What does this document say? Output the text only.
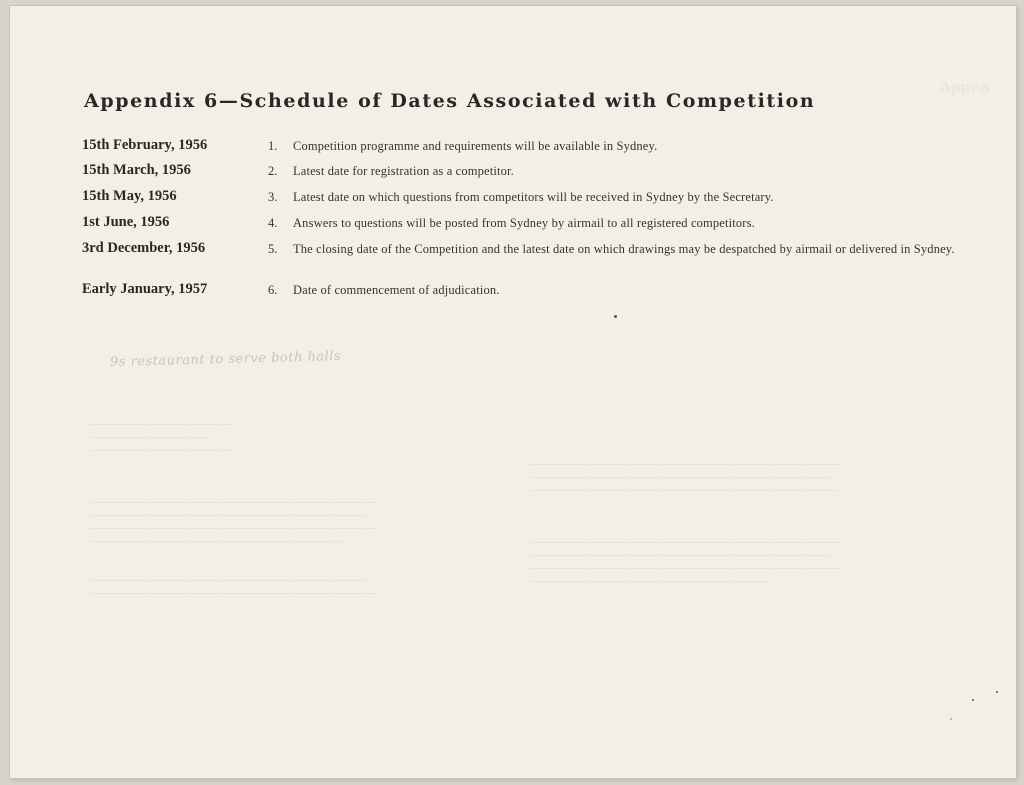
Appen

────────────────────────────────────────────────────
──────────────────────────────────────────────────
───────────────────────────────────────────────────

────────────────────────────────────────────────────
──────────────────────────────────────────────────
────────────────────────────────────────────────────
────────────────────────────────────────

────────────────────────
────────────────────
────────────────────────

────────────────────────────────────────────────
──────────────────────────────────────────────
────────────────────────────────────────────────
──────────────────────────────────────────

──────────────────────────────────────────────
────────────────────────────────────────────────
Appendix 6—Schedule of Dates Associated with Competition
15th February, 1956	1.	Competition programme and requirements will be available in Sydney.
15th March, 1956	2.	Latest date for registration as a competitor.
15th May, 1956	3.	Latest date on which questions from competitors will be received in Sydney by the Secretary.
1st June, 1956	4.	Answers to questions will be posted from Sydney by airmail to all registered competitors.
3rd December, 1956	5.	The closing date of the Competition and the latest date on which drawings may be despatched by airmail or delivered in Sydney.
Early January, 1957	6.	Date of commencement of adjudication.
9s restaurant to serve both halls
